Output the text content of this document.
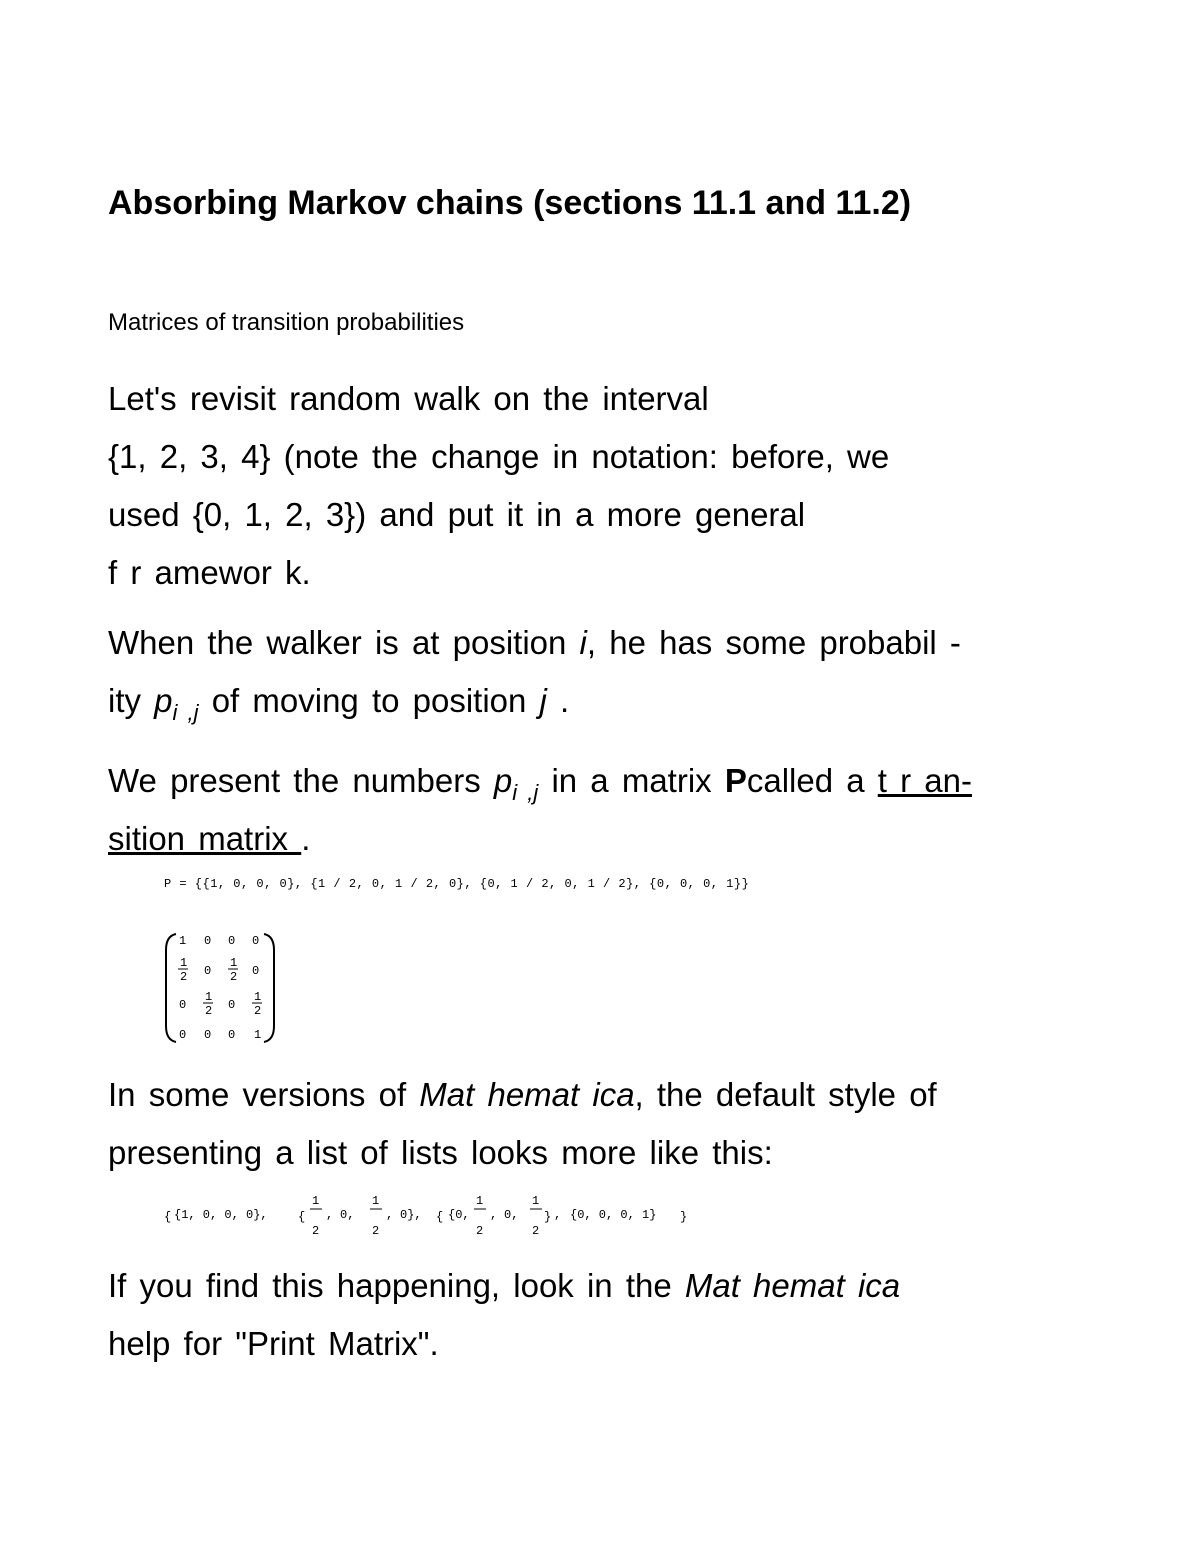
Absorbing Markov chains (sections 11.1 and 11.2)
Matrices of transition probabilities
Let's revisit random walk on the interval
{1, 2, 3, 4} (note the change in notation: before, we
used {0, 1, 2, 3}) and put it in a more general
f r amewor k.
When the walker is at position i, he has some probabil -
ity $p_{i ,j}$ of moving to position j .
We present the numbers $p_{i ,j}$ in a matrix Pcalled a t r an-
sition matrix .
P = {{1, 0, 0, 0}, {1 / 2, 0, 1 / 2, 0}, {0, 1 / 2, 0, 1 / 2}, {0, 0, 0, 1}}
1 0 0 0
1
2 0
1
2 0
0
1
2 0
1
2
0 0 0 1
In some versions of Mat hemat ica, the default style of
presenting a list of lists looks more like this:
{ {1, 0, 0, 0},	{
1
2
, 0,
1
2
, 0}, { {0,
1
2
, 0,
1
2
} , {0, 0, 0, 1} }
If you find this happening, look in the Mat hemat ica
help for "Print Matrix".
